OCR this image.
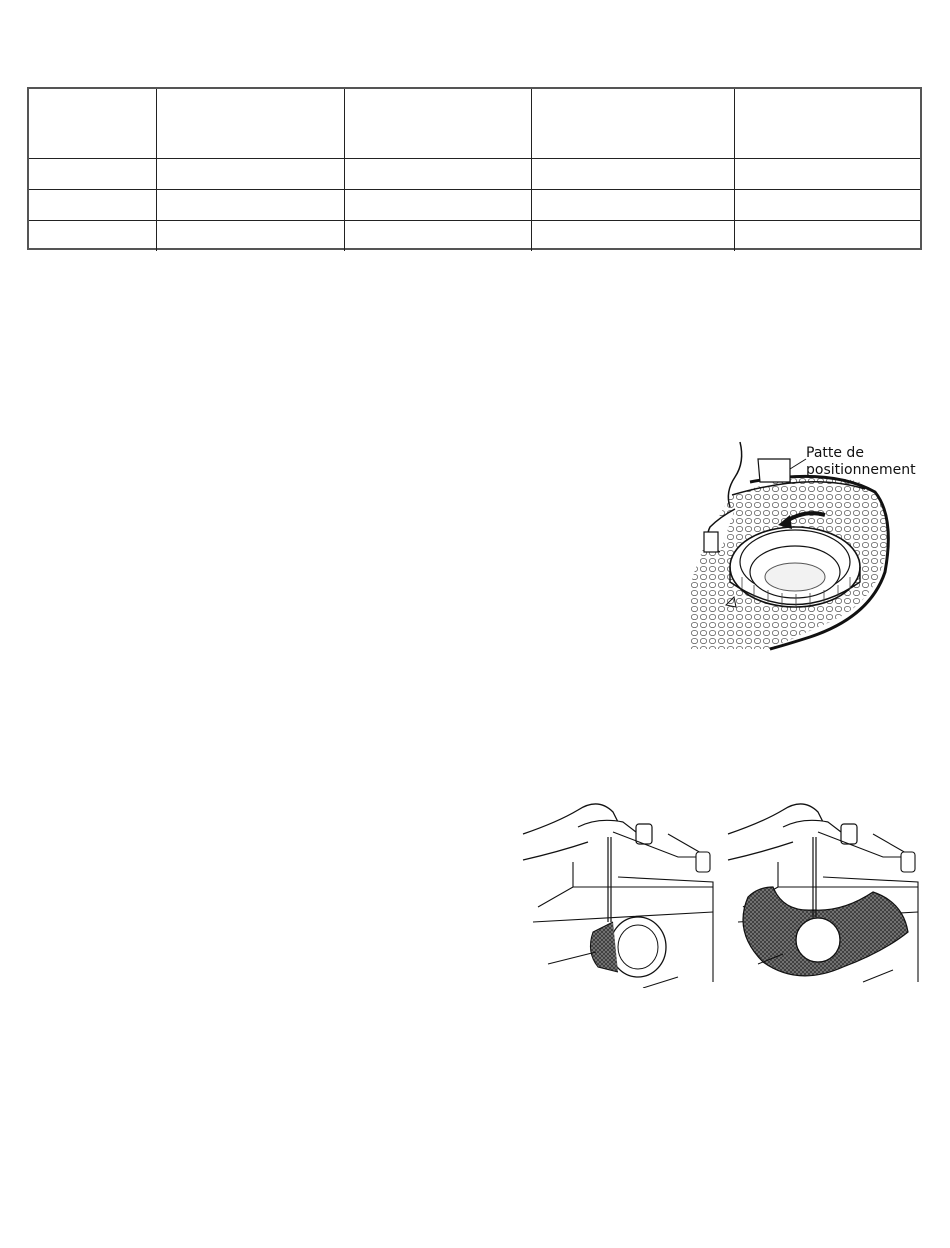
Patte de
positionnement
